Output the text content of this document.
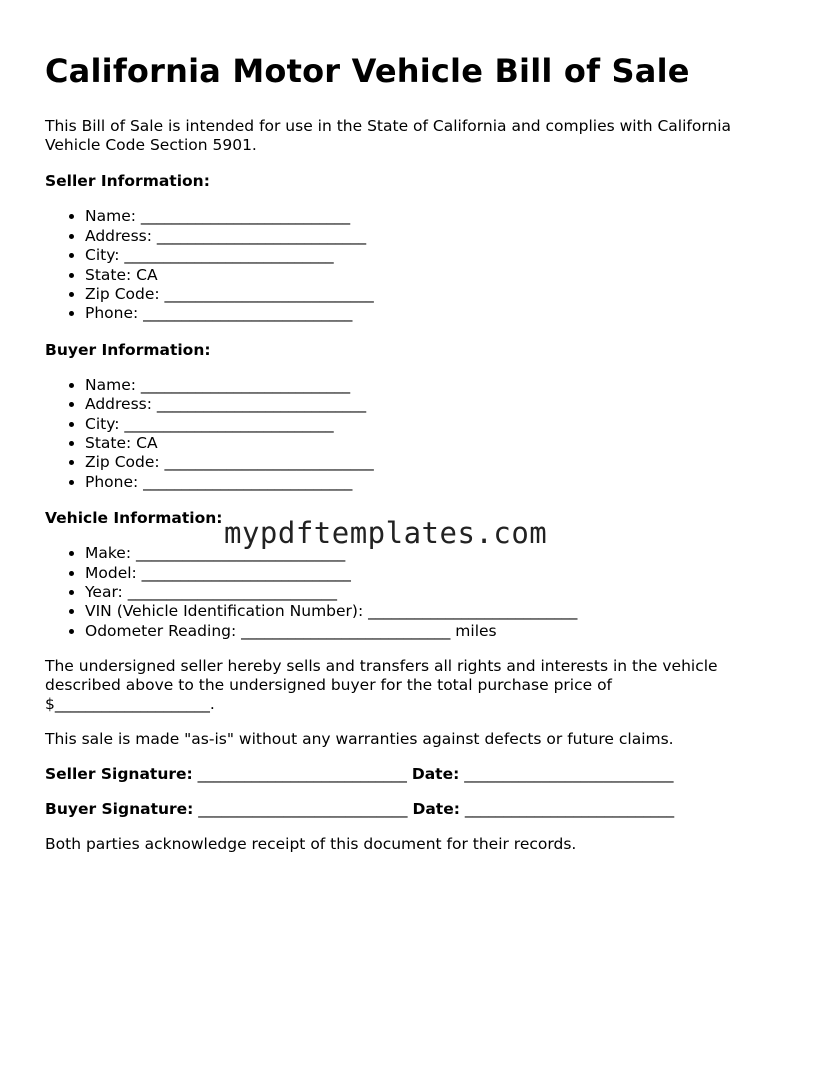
California Motor Vehicle Bill of Sale

This Bill of Sale is intended for use in the State of California and complies with California Vehicle Code Section 5901.

Seller Information:

• Name: ___________________________
• Address: ___________________________
• City: ___________________________
• State: CA
• Zip Code: ___________________________
• Phone: ___________________________

Buyer Information:

• Name: ___________________________
• Address: ___________________________
• City: ___________________________
• State: CA
• Zip Code: ___________________________
• Phone: ___________________________

Vehicle Information:

• Make: ___________________________
• Model: ___________________________
• Year: ___________________________
• VIN (Vehicle Identification Number): ___________________________
• Odometer Reading: ___________________________ miles

The undersigned seller hereby sells and transfers all rights and interests in the vehicle described above to the undersigned buyer for the total purchase price of $____________________.

This sale is made "as-is" without any warranties against defects or future claims.

Seller Signature: ___________________________ Date: ___________________________

Buyer Signature: ___________________________ Date: ___________________________

Both parties acknowledge receipt of this document for their records.

mypdftemplates.com
